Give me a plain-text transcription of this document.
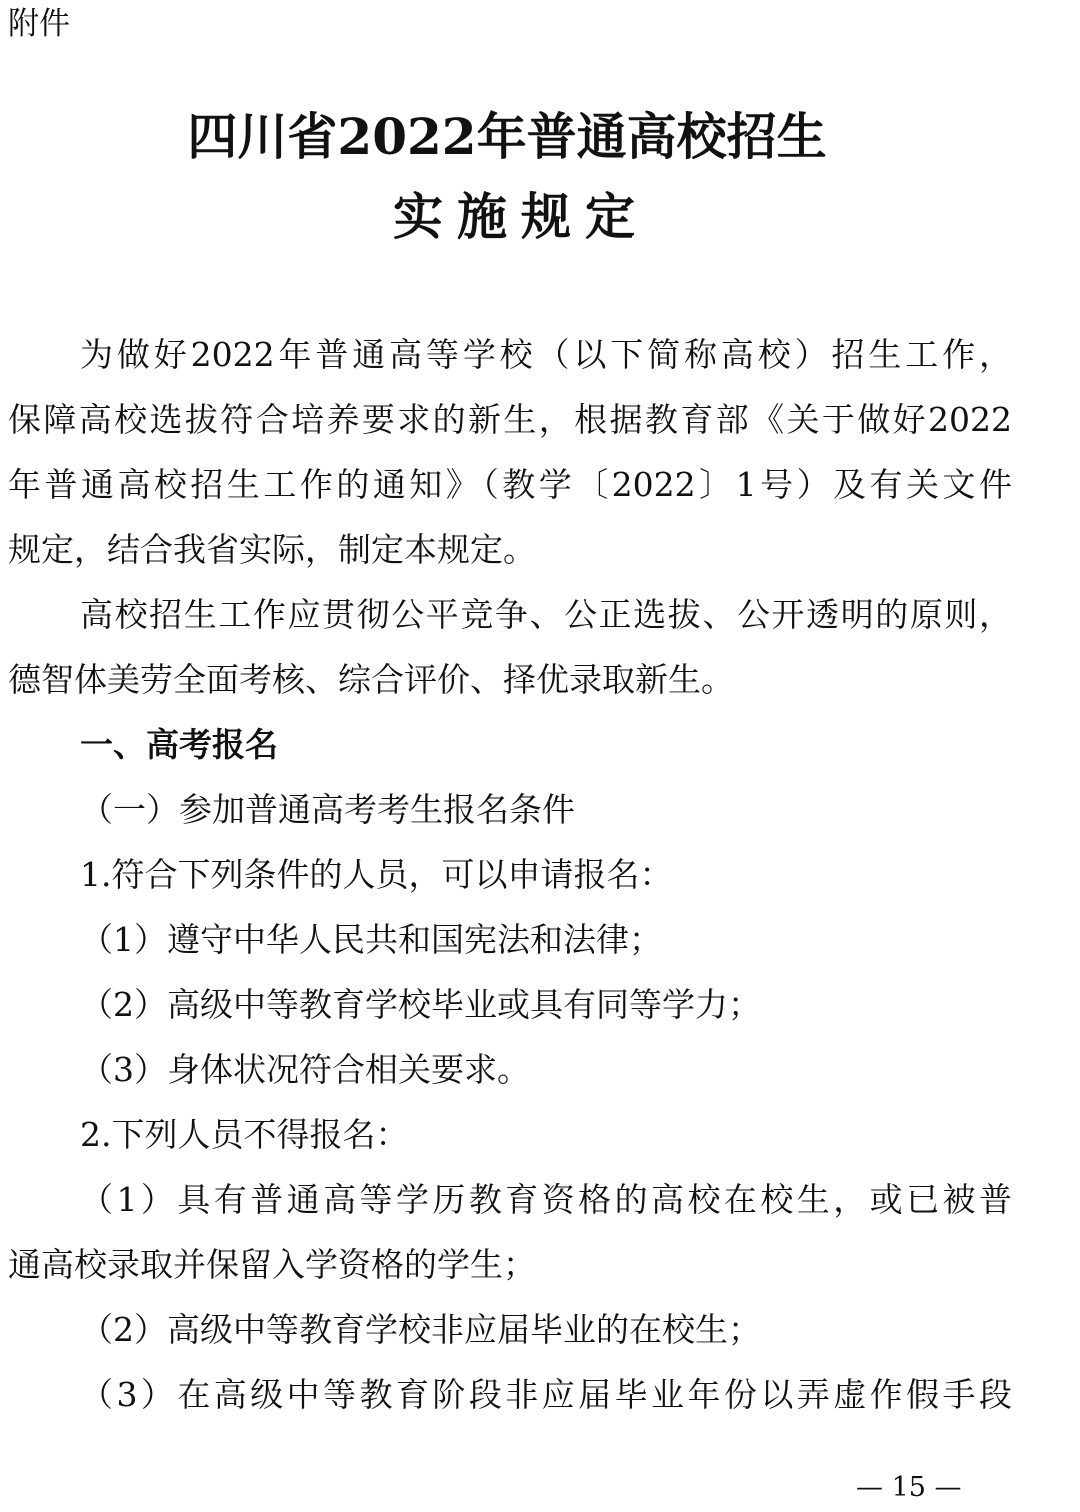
附件
四川省2022年普通高校招生
实施规定
为做好2022年普通高等学校（以下简称高校）招生工作，
保障高校选拔符合培养要求的新生，根据教育部《关于做好2022
年普通高校招生工作的通知》（教学〔2022〕1号）及有关文件
规定，结合我省实际，制定本规定。
高校招生工作应贯彻公平竞争、公正选拔、公开透明的原则，
德智体美劳全面考核、综合评价、择优录取新生。
一、高考报名
（一）参加普通高考考生报名条件
1.符合下列条件的人员，可以申请报名：
（1）遵守中华人民共和国宪法和法律；
（2）高级中等教育学校毕业或具有同等学力；
（3）身体状况符合相关要求。
2.下列人员不得报名：
（1）具有普通高等学历教育资格的高校在校生，或已被普
通高校录取并保留入学资格的学生；
（2）高级中等教育学校非应届毕业的在校生；
（3）在高级中等教育阶段非应届毕业年份以弄虚作假手段
— 15 —
